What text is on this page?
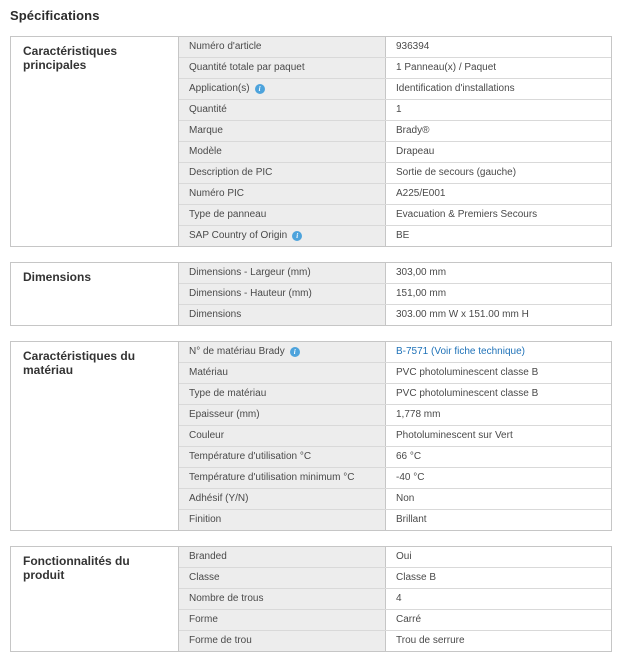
Spécifications
Caractéristiques principales
Numéro d'article	936394
Quantité totale par paquet	1 Panneau(x) / Paquet
Application(s)	i	Identification d'installations
Quantité	1
Marque	Brady®
Modèle	Drapeau
Description de PIC	Sortie de secours (gauche)
Numéro PIC	A225/E001
Type de panneau	Evacuation & Premiers Secours
SAP Country of Origin	i	BE
Dimensions	Dimensions - Largeur (mm)	303,00 mm
Dimensions - Hauteur (mm)	151,00 mm
Dimensions	303.00 mm W x 151.00 mm H
Caractéristiques du matériau
N° de matériau Brady	i	B-7571 (Voir fiche technique)
Matériau	PVC photoluminescent classe B
Type de matériau	PVC photoluminescent classe B
Epaisseur (mm)	1,778 mm
Couleur	Photoluminescent sur Vert
Température d'utilisation °C	66 °C
Température d'utilisation minimum °C	-40 °C
Adhésif (Y/N)	Non
Finition	Brillant
Fonctionnalités du produit
Branded	Oui
Classe	Classe B
Nombre de trous	4
Forme	Carré
Forme de trou	Trou de serrure
